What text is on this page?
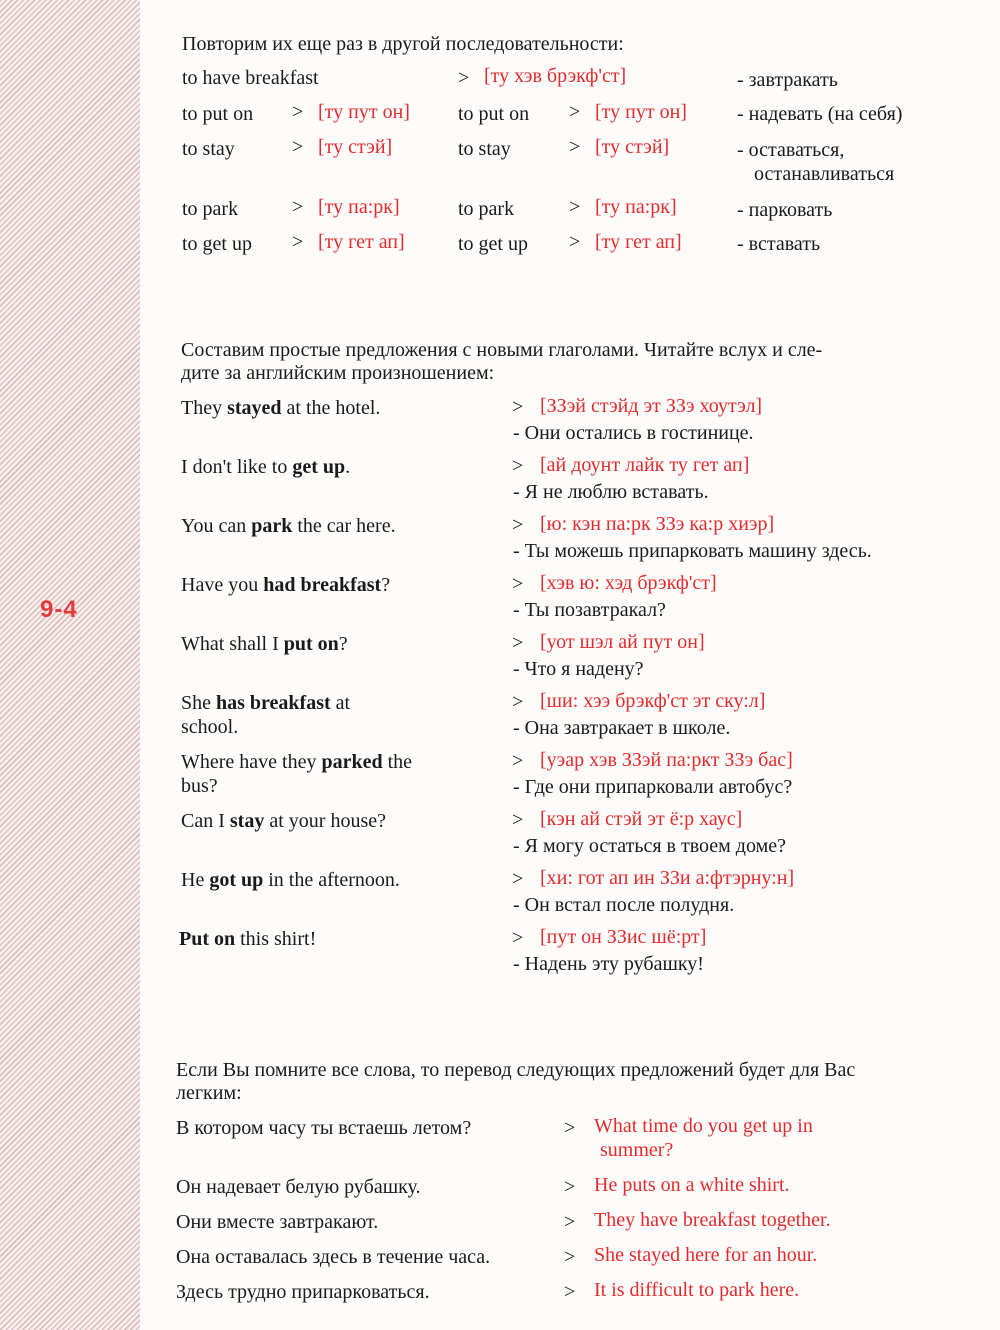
9-4
Повторим их еще раз в другой последовательности:
to have breakfast	> [ту хэв брэкф'ст]	- завтракать
to put on > [ту пут он] to put on > [ту пут он]	- надевать (на себя)
to stay	> [ту стэй]	to stay	> [ту стэй]	- оставаться,
останавливаться
to park	> [ту па:рк]	to park	> [ту па:рк]	- парковать
to get up > [ту гет ап]	to get up > [ту гет ап]	- вставать
Составим простые предложения с новыми глаголами. Читайте вслух и сле-
дите за английским произношением:
They stayed at the hotel.	> [ЗЗэй стэйд эт ЗЗэ хоутэл]
- Они остались в гостинице.
I don't like to get up.	> [ай доунт лайк ту гет ап]
- Я не люблю вставать.
You can park the car here.	> [ю: кэн па:рк ЗЗэ ка:р хиэр]
- Ты можешь припарковать машину здесь.
Have you had breakfast?	> [хэв ю: хэд брэкф'ст]
- Ты позавтракал?
What shall I put on?	> [уот шэл ай пут он]
- Что я надену?
She has breakfast at
school.
> [ши: хээ брэкф'ст эт ску:л]
- Она завтракает в школе.
Where have they parked the
bus?
> [уэар хэв ЗЗэй па:ркт ЗЗэ бас]
- Где они припарковали автобус?
Can I stay at your house?	> [кэн ай стэй эт ё:р хаус]
- Я могу остаться в твоем доме?
He got up in the afternoon.	> [хи: гот ап ин ЗЗи а:фтэрну:н]
- Он встал после полудня.
Put on this shirt!	> [пут он ЗЗис шё:рт]
- Надень эту рубашку!
Если Вы помните все слова, то перевод следующих предложений будет для Вас
легким:
В котором часу ты встаешь летом?	> What time do you get up in
summer?
Он надевает белую рубашку.	> He puts on a white shirt.
Они вместе завтракают.	> They have breakfast together.
Она оставалась здесь в течение часа.	> She stayed here for an hour.
Здесь трудно припарковаться.	> It is difficult to park here.
